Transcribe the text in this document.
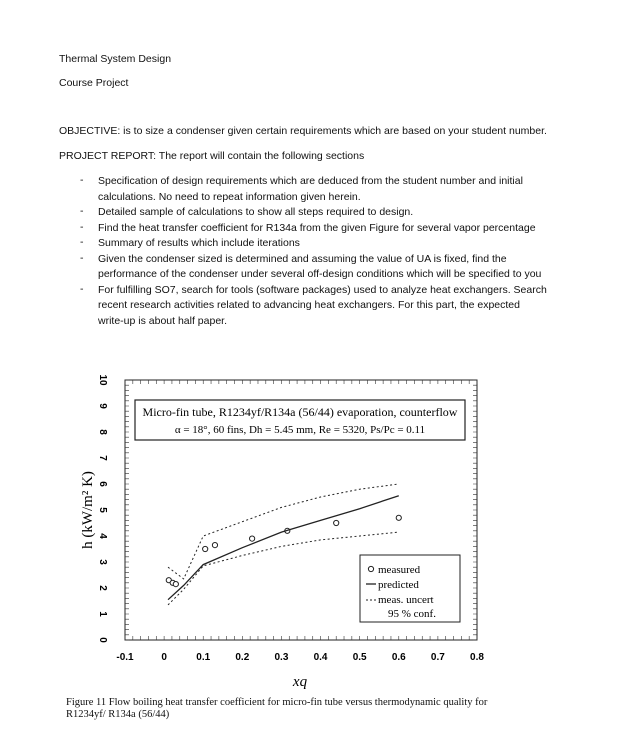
Thermal System Design
Course Project
OBJECTIVE: is to size a condenser given certain requirements which are based on your student number.
PROJECT REPORT: The report will contain the following sections
- Specification of design requirements which are deduced from the student number and initial
calculations. No need to repeat information given herein.
- Detailed sample of calculations to show all steps required to design.
- Find the heat transfer coefficient for R134a from the given Figure for several vapor percentage
- Summary of results which include iterations
- Given the condenser sized is determined and assuming the value of UA is fixed, find the
performance of the condenser under several off-design conditions which will be specified to you
- For fulfilling SO7, search for tools (software packages) used to analyze heat exchangers. Search
recent research activities related to advancing heat exchangers. For this part, the expected
write-up is about half paper.
-0.1	0	0.1	0.2	0.3	0.4	0.5	0.6	0.7	0.8
0
1
2
3
4
5
6
7
8
9
10
xq
h (kW/m² K)
Micro-fin tube, R1234yf/R134a (56/44) evaporation, counterflow
α = 18°, 60 fins, Dh = 5.45 mm, Re = 5320, Ps/Pc = 0.11
measured
predicted
meas. uncert
95 % conf.
Figure 11 Flow boiling heat transfer coefficient for micro-fin tube versus thermodynamic quality for
R1234yf/ R134a (56/44)
